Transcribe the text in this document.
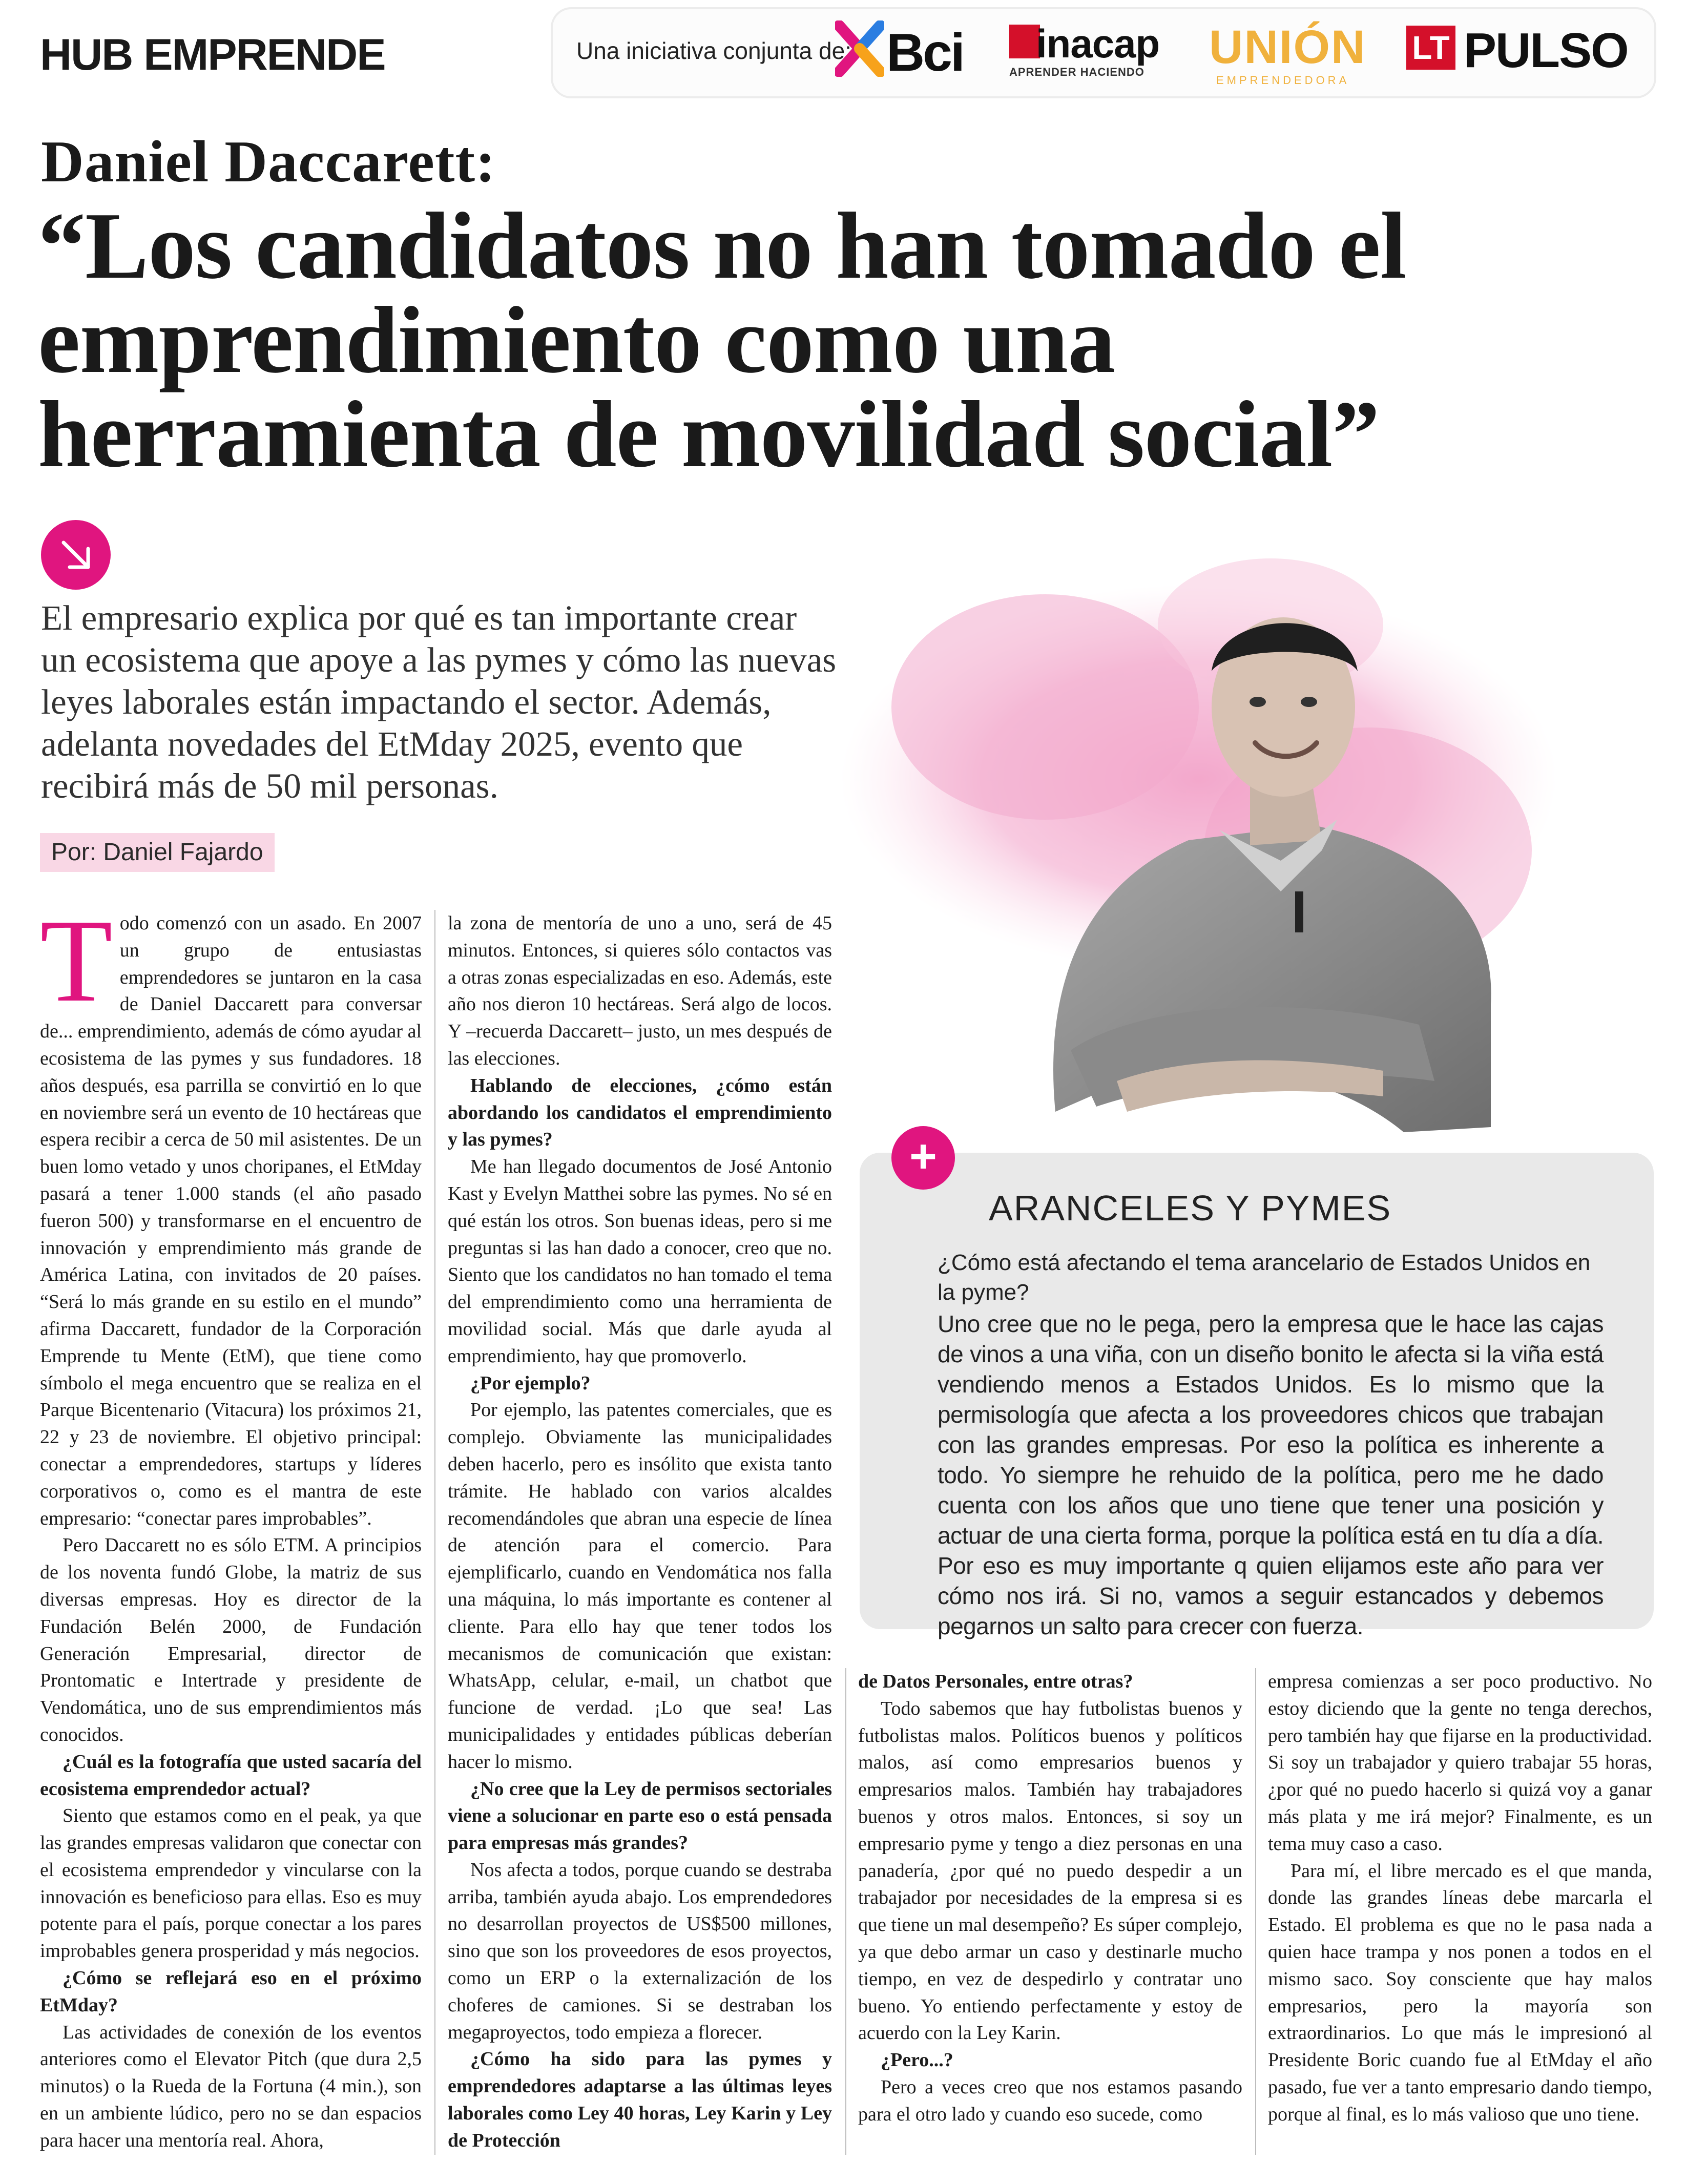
HUB EMPRENDE	Una iniciativa conjunta de: Bci inacap
APRENDER HACIENDO UNIÓN
EMPRENDEDORA
LT PULSO
Daniel Daccarett:
“Los candidatos no han tomado el emprendimiento como una herramienta de movilidad social”

El empresario explica por qué es tan importante crear un ecosistema que apoye a las pymes y cómo las nuevas leyes laborales están impactando el sector. Además, adelanta novedades del EtMday 2025, evento que recibirá más de 50 mil personas.

Por: Daniel Fajardo
T odo comenzó con un asado. En 2007 un grupo de entusiastas emprendedores se juntaron en la casa de Daniel Daccarett para conversar de... emprendimiento, además de cómo ayudar al ecosistema de las pymes y sus fundadores. 18 años después, esa parrilla se convirtió en lo que en noviembre será un evento de 10 hectáreas que espera recibir a cerca de 50 mil asistentes. De un buen lomo vetado y unos choripanes, el EtMday pasará a tener 1.000 stands (el año pasado fueron 500) y transformarse en el encuentro de innovación y emprendimiento más grande de América Latina, con invitados de 20 países. “Será lo más grande en su estilo en el mundo” afirma Daccarett, fundador de la Corporación Emprende tu Mente (EtM), que tiene como símbolo el mega encuentro que se realiza en el Parque Bicentenario (Vitacura) los próximos 21, 22 y 23 de noviembre. El objetivo principal: conectar a emprendedores, startups y líderes corporativos o, como es el mantra de este empresario: “conectar pares improbables”.

Pero Daccarett no es sólo ETM. A principios de los noventa fundó Globe, la matriz de sus diversas empresas. Hoy es director de la Fundación Belén 2000, de Fundación Generación Empresarial, director de Prontomatic e Intertrade y presidente de Vendomática, uno de sus emprendimientos más conocidos.

¿Cuál es la fotografía que usted sacaría del ecosistema emprendedor actual?

Siento que estamos como en el peak, ya que las grandes empresas validaron que conectar con el ecosistema emprendedor y vincularse con la innovación es beneficioso para ellas. Eso es muy potente para el país, porque conectar a los pares improbables genera prosperidad y más negocios.

¿Cómo se reflejará eso en el próximo EtMday?

Las actividades de conexión de los eventos anteriores como el Elevator Pitch (que dura 2,5 minutos) o la Rueda de la Fortuna (4 min.), son en un ambiente lúdico, pero no se dan espacios para hacer una mentoría real. Ahora,

la zona de mentoría de uno a uno, será de 45 minutos. Entonces, si quieres sólo contactos vas a otras zonas especializadas en eso. Además, este año nos dieron 10 hectáreas. Será algo de locos. Y –recuerda Daccarett– justo, un mes después de las elecciones.

Hablando de elecciones, ¿cómo están abordando los candidatos el emprendimiento y las pymes?

Me han llegado documentos de José Antonio Kast y Evelyn Matthei sobre las pymes. No sé en qué están los otros. Son buenas ideas, pero si me preguntas si las han dado a conocer, creo que no. Siento que los candidatos no han tomado el tema del emprendimiento como una herramienta de movilidad social. Más que darle ayuda al emprendimiento, hay que promoverlo.

¿Por ejemplo?

Por ejemplo, las patentes comerciales, que es complejo. Obviamente las municipalidades deben hacerlo, pero es insólito que exista tanto trámite. He hablado con varios alcaldes recomendándoles que abran una especie de línea de atención para el comercio. Para ejemplificarlo, cuando en Vendomática nos falla una máquina, lo más importante es contener al cliente. Para ello hay que tener todos los mecanismos de comunicación que existan: WhatsApp, celular, e-mail, un chatbot que funcione de verdad. ¡Lo que sea! Las municipalidades y entidades públicas deberían hacer lo mismo.

¿No cree que la Ley de permisos sectoriales viene a solucionar en parte eso o está pensada para empresas más grandes?

Nos afecta a todos, porque cuando se destraba arriba, también ayuda abajo. Los emprendedores no desarrollan proyectos de US$500 millones, sino que son los proveedores de esos proyectos, como un ERP o la externalización de los choferes de camiones. Si se destraban los megaproyectos, todo empieza a florecer.

¿Cómo ha sido para las pymes y emprendedores adaptarse a las últimas leyes laborales como Ley 40 horas, Ley Karin y Ley de Protección

de Datos Personales, entre otras?

Todo sabemos que hay futbolistas buenos y futbolistas malos. Políticos buenos y políticos malos, así como empresarios buenos y empresarios malos. También hay trabajadores buenos y otros malos. Entonces, si soy un empresario pyme y tengo a diez personas en una panadería, ¿por qué no puedo despedir a un trabajador por necesidades de la empresa si es que tiene un mal desempeño? Es súper complejo, ya que debo armar un caso y destinarle mucho tiempo, en vez de despedirlo y contratar uno bueno. Yo entiendo perfectamente y estoy de acuerdo con la Ley Karin.

¿Pero...?

Pero a veces creo que nos estamos pasando para el otro lado y cuando eso sucede, como

empresa comienzas a ser poco productivo. No estoy diciendo que la gente no tenga derechos, pero también hay que fijarse en la productividad. Si soy un trabajador y quiero trabajar 55 horas, ¿por qué no puedo hacerlo si quizá voy a ganar más plata y me irá mejor? Finalmente, es un tema muy caso a caso.

Para mí, el libre mercado es el que manda, donde las grandes líneas debe marcarla el Estado. El problema es que no le pasa nada a quien hace trampa y nos ponen a todos en el mismo saco. Soy consciente que hay malos empresarios, pero la mayoría son extraordinarios. Lo que más le impresionó al Presidente Boric cuando fue al EtMday el año pasado, fue ver a tanto empresario dando tiempo, porque al final, es lo más valioso que uno tiene.

+
ARANCELES Y PYMES

¿Cómo está afectando el tema arancelario de Estados Unidos en la pyme?

Uno cree que no le pega, pero la empresa que le hace las cajas de vinos a una viña, con un diseño bonito le afecta si la viña está vendiendo menos a Estados Unidos. Es lo mismo que la permisología que afecta a los proveedores chicos que trabajan con las grandes empresas. Por eso la política es inherente a todo. Yo siempre he rehuido de la política, pero me he dado cuenta con los años que uno tiene que tener una posición y actuar de una cierta forma, porque la política está en tu día a día. Por eso es muy importante q quien elijamos este año para ver cómo nos irá. Si no, vamos a seguir estancados y debemos pegarnos un salto para crecer con fuerza.
